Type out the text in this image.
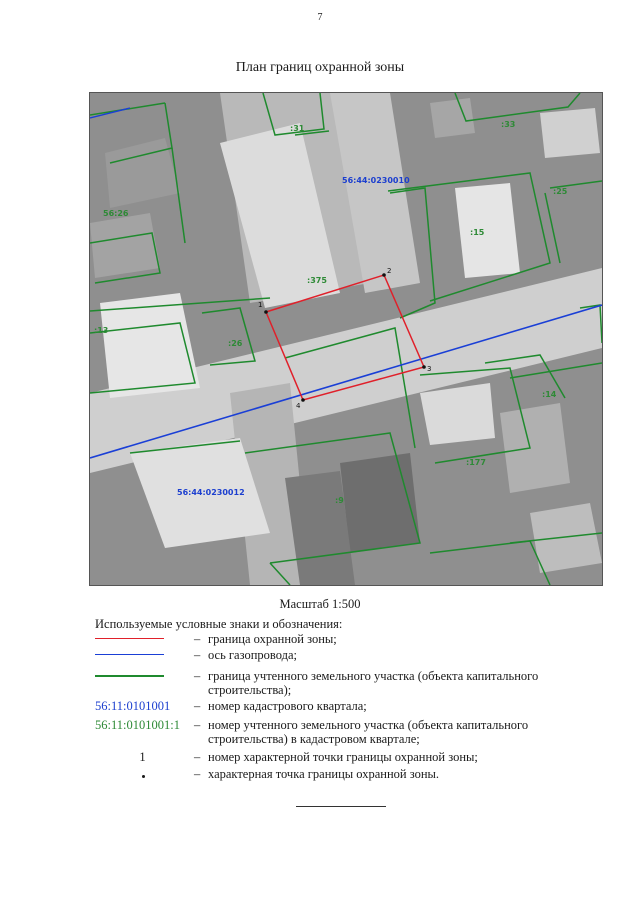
7
План границ охранной зоны
1
2
3
4
56:44:0230010
56:44:0230012
:31	:33
:25
56:26
:15
:375
:13
:26
:14
:177
:9
Масштаб 1:500
Используемые условные знаки и обозначения:
– граница охранной зоны;
– ось газопровода;
– граница учтенного земельного участка (объекта капитального строительства);
56:11:0101001	– номер кадастрового квартала;
56:11:0101001:1	– номер учтенного земельного участка (объекта капитального строительства) в кадастровом квартале;
1	– номер характерной точки границы охранной зоны;
– характерная точка границы охранной зоны.
